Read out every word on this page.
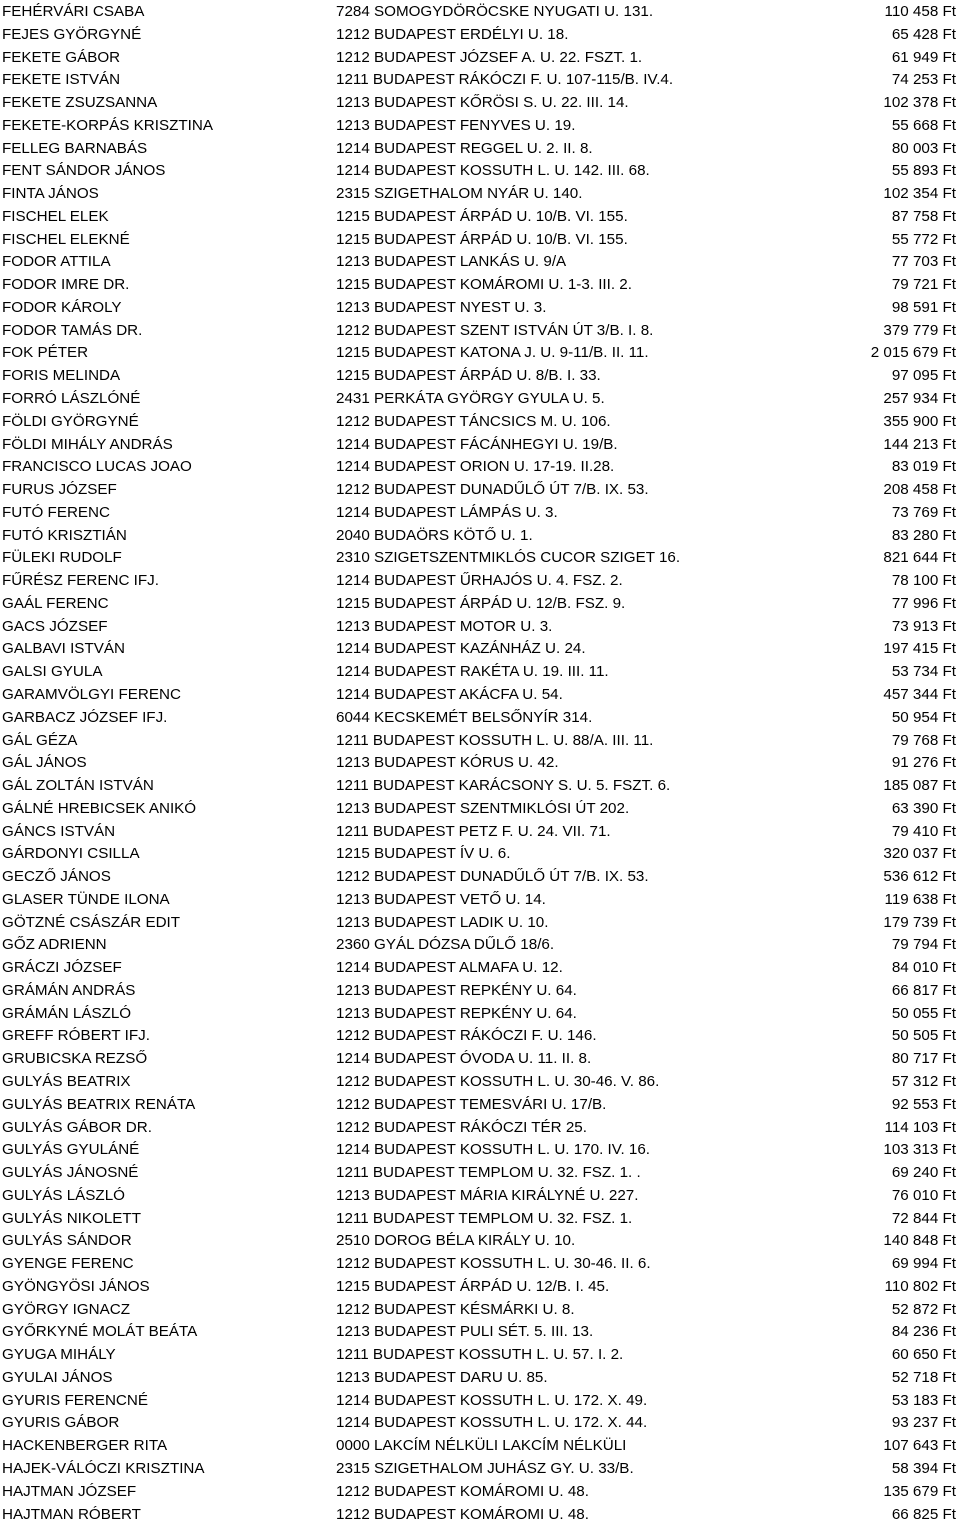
FEHÉRVÁRI CSABA	7284 SOMOGYDÖRÖCSKE NYUGATI U. 131.	110 458 Ft
FEJES GYÖRGYNÉ	1212 BUDAPEST ERDÉLYI U. 18.	65 428 Ft
FEKETE GÁBOR	1212 BUDAPEST JÓZSEF A. U. 22. FSZT. 1.	61 949 Ft
FEKETE ISTVÁN	1211 BUDAPEST RÁKÓCZI F. U. 107-115/B. IV.4.	74 253 Ft
FEKETE ZSUZSANNA	1213 BUDAPEST KŐRÖSI S. U. 22. III. 14.	102 378 Ft
FEKETE-KORPÁS KRISZTINA	1213 BUDAPEST FENYVES U. 19.	55 668 Ft
FELLEG BARNABÁS	1214 BUDAPEST REGGEL U. 2. II. 8.	80 003 Ft
FENT SÁNDOR JÁNOS	1214 BUDAPEST KOSSUTH L. U. 142. III. 68.	55 893 Ft
FINTA JÁNOS	2315 SZIGETHALOM NYÁR U. 140.	102 354 Ft
FISCHEL ELEK	1215 BUDAPEST ÁRPÁD U. 10/B. VI. 155.	87 758 Ft
FISCHEL ELEKNÉ	1215 BUDAPEST ÁRPÁD U. 10/B. VI. 155.	55 772 Ft
FODOR ATTILA	1213 BUDAPEST LANKÁS U. 9/A	77 703 Ft
FODOR IMRE DR.	1215 BUDAPEST KOMÁROMI U. 1-3. III. 2.	79 721 Ft
FODOR KÁROLY	1213 BUDAPEST NYEST U. 3.	98 591 Ft
FODOR TAMÁS DR.	1212 BUDAPEST SZENT ISTVÁN ÚT 3/B. I. 8.	379 779 Ft
FOK PÉTER	1215 BUDAPEST KATONA J. U. 9-11/B. II. 11.	2 015 679 Ft
FORIS MELINDA	1215 BUDAPEST ÁRPÁD U. 8/B. I. 33.	97 095 Ft
FORRÓ LÁSZLÓNÉ	2431 PERKÁTA GYÖRGY GYULA U. 5.	257 934 Ft
FÖLDI GYÖRGYNÉ	1212 BUDAPEST TÁNCSICS M. U. 106.	355 900 Ft
FÖLDI MIHÁLY ANDRÁS	1214 BUDAPEST FÁCÁNHEGYI U. 19/B.	144 213 Ft
FRANCISCO LUCAS JOAO	1214 BUDAPEST ORION U. 17-19. II.28.	83 019 Ft
FURUS JÓZSEF	1212 BUDAPEST DUNADŰLŐ ÚT 7/B. IX. 53.	208 458 Ft
FUTÓ FERENC	1214 BUDAPEST LÁMPÁS U. 3.	73 769 Ft
FUTÓ KRISZTIÁN	2040 BUDAÖRS KÖTŐ U. 1.	83 280 Ft
FÜLEKI RUDOLF	2310 SZIGETSZENTMIKLÓS CUCOR SZIGET 16.	821 644 Ft
FŰRÉSZ FERENC IFJ.	1214 BUDAPEST ŰRHAJÓS U. 4. FSZ. 2.	78 100 Ft
GAÁL FERENC	1215 BUDAPEST ÁRPÁD U. 12/B. FSZ. 9.	77 996 Ft
GACS JÓZSEF	1213 BUDAPEST MOTOR U. 3.	73 913 Ft
GALBAVI ISTVÁN	1214 BUDAPEST KAZÁNHÁZ U. 24.	197 415 Ft
GALSI GYULA	1214 BUDAPEST RAKÉTA U. 19. III. 11.	53 734 Ft
GARAMVÖLGYI FERENC	1214 BUDAPEST AKÁCFA U. 54.	457 344 Ft
GARBACZ JÓZSEF IFJ.	6044 KECSKEMÉT BELSŐNYÍR 314.	50 954 Ft
GÁL GÉZA	1211 BUDAPEST KOSSUTH L. U. 88/A. III. 11.	79 768 Ft
GÁL JÁNOS	1213 BUDAPEST KÓRUS U. 42.	91 276 Ft
GÁL ZOLTÁN ISTVÁN	1211 BUDAPEST KARÁCSONY S. U. 5. FSZT. 6.	185 087 Ft
GÁLNÉ HREBICSEK ANIKÓ	1213 BUDAPEST SZENTMIKLÓSI ÚT 202.	63 390 Ft
GÁNCS ISTVÁN	1211 BUDAPEST PETZ F. U. 24. VII. 71.	79 410 Ft
GÁRDONYI CSILLA	1215 BUDAPEST ÍV U. 6.	320 037 Ft
GECZŐ JÁNOS	1212 BUDAPEST DUNADŰLŐ ÚT 7/B. IX. 53.	536 612 Ft
GLASER TÜNDE ILONA	1213 BUDAPEST VETŐ U. 14.	119 638 Ft
GÖTZNÉ CSÁSZÁR EDIT	1213 BUDAPEST LADIK U. 10.	179 739 Ft
GŐZ ADRIENN	2360 GYÁL DÓZSA DŰLŐ 18/6.	79 794 Ft
GRÁCZI JÓZSEF	1214 BUDAPEST ALMAFA U. 12.	84 010 Ft
GRÁMÁN ANDRÁS	1213 BUDAPEST REPKÉNY U. 64.	66 817 Ft
GRÁMÁN LÁSZLÓ	1213 BUDAPEST REPKÉNY U. 64.	50 055 Ft
GREFF RÓBERT IFJ.	1212 BUDAPEST RÁKÓCZI F. U. 146.	50 505 Ft
GRUBICSKA REZSŐ	1214 BUDAPEST ÓVODA U. 11. II. 8.	80 717 Ft
GULYÁS BEATRIX	1212 BUDAPEST KOSSUTH L. U. 30-46. V. 86.	57 312 Ft
GULYÁS BEATRIX RENÁTA	1212 BUDAPEST TEMESVÁRI U. 17/B.	92 553 Ft
GULYÁS GÁBOR DR.	1212 BUDAPEST RÁKÓCZI TÉR 25.	114 103 Ft
GULYÁS GYULÁNÉ	1214 BUDAPEST KOSSUTH L. U. 170. IV. 16.	103 313 Ft
GULYÁS JÁNOSNÉ	1211 BUDAPEST TEMPLOM U. 32. FSZ. 1. .	69 240 Ft
GULYÁS LÁSZLÓ	1213 BUDAPEST MÁRIA KIRÁLYNÉ U. 227.	76 010 Ft
GULYÁS NIKOLETT	1211 BUDAPEST TEMPLOM U. 32. FSZ. 1.	72 844 Ft
GULYÁS SÁNDOR	2510 DOROG BÉLA KIRÁLY U. 10.	140 848 Ft
GYENGE FERENC	1212 BUDAPEST KOSSUTH L. U. 30-46. II. 6.	69 994 Ft
GYÖNGYÖSI JÁNOS	1215 BUDAPEST ÁRPÁD U. 12/B. I. 45.	110 802 Ft
GYÖRGY IGNACZ	1212 BUDAPEST KÉSMÁRKI U. 8.	52 872 Ft
GYŐRKYNÉ MOLÁT BEÁTA	1213 BUDAPEST PULI SÉT. 5. III. 13.	84 236 Ft
GYUGA MIHÁLY	1211 BUDAPEST KOSSUTH L. U. 57. I. 2.	60 650 Ft
GYULAI JÁNOS	1213 BUDAPEST DARU U. 85.	52 718 Ft
GYURIS FERENCNÉ	1214 BUDAPEST KOSSUTH L. U. 172. X. 49.	53 183 Ft
GYURIS GÁBOR	1214 BUDAPEST KOSSUTH L. U. 172. X. 44.	93 237 Ft
HACKENBERGER RITA	0000 LAKCÍM NÉLKÜLI LAKCÍM NÉLKÜLI	107 643 Ft
HAJEK-VÁLÓCZI KRISZTINA	2315 SZIGETHALOM JUHÁSZ GY. U. 33/B.	58 394 Ft
HAJTMAN JÓZSEF	1212 BUDAPEST KOMÁROMI U. 48.	135 679 Ft
HAJTMAN RÓBERT	1212 BUDAPEST KOMÁROMI U. 48.	66 825 Ft
